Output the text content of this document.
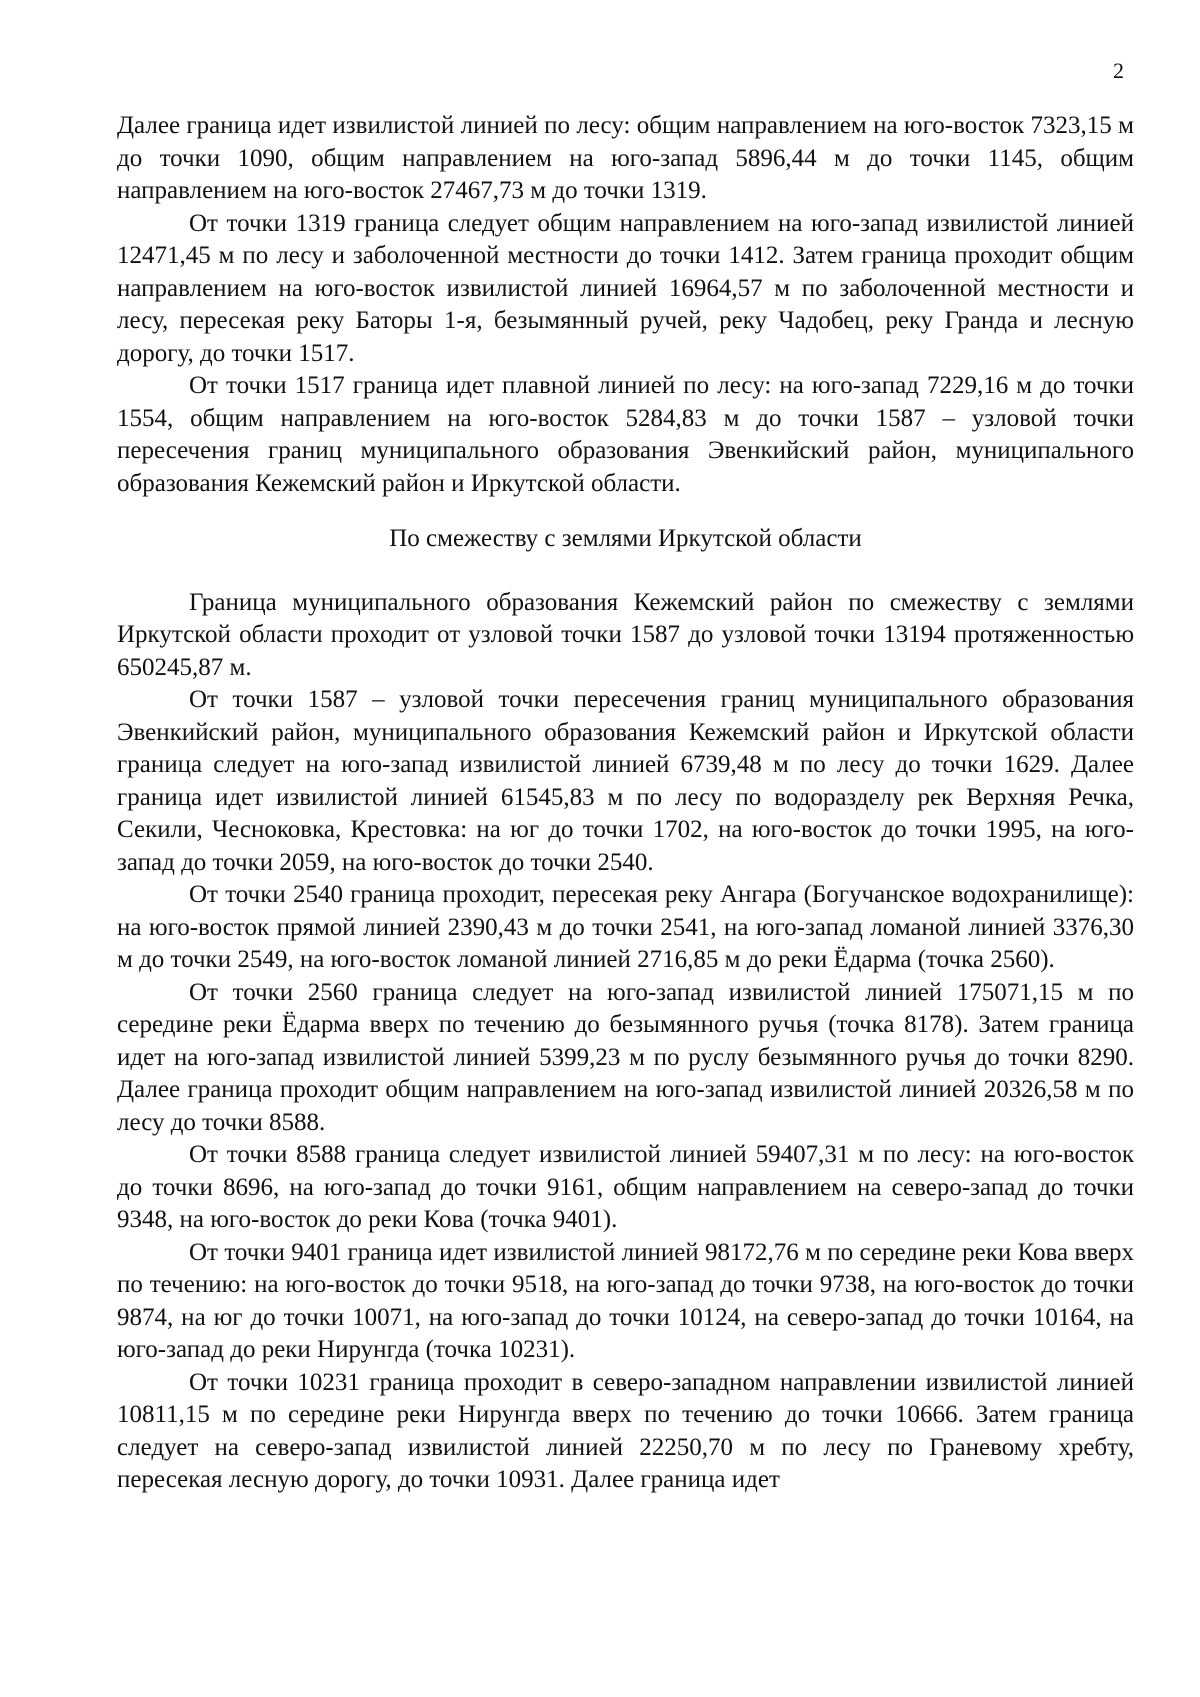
2

Далее граница идет извилистой линией по лесу: общим направлением на юго-восток 7323,15 м до точки 1090, общим направлением на юго-запад 5896,44 м до точки 1145, общим направлением на юго-восток 27467,73 м до точки 1319.

От точки 1319 граница следует общим направлением на юго-запад извилистой линией 12471,45 м по лесу и заболоченной местности до точки 1412. Затем граница проходит общим направлением на юго-восток извилистой линией 16964,57 м по заболоченной местности и лесу, пересекая реку Баторы 1-я, безымянный ручей, реку Чадобец, реку Гранда и лесную дорогу, до точки 1517.

От точки 1517 граница идет плавной линией по лесу: на юго-запад 7229,16 м до точки 1554, общим направлением на юго-восток 5284,83 м до точки 1587 – узловой точки пересечения границ муниципального образования Эвенкийский район, муниципального образования Кежемский район и Иркутской области.

По смежеству с землями Иркутской области

Граница муниципального образования Кежемский район по смежеству с землями Иркутской области проходит от узловой точки 1587 до узловой точки 13194 протяженностью 650245,87 м.

От точки 1587 – узловой точки пересечения границ муниципального образования Эвенкийский район, муниципального образования Кежемский район и Иркутской области граница следует на юго-запад извилистой линией 6739,48 м по лесу до точки 1629. Далее граница идет извилистой линией 61545,83 м по лесу по водоразделу рек Верхняя Речка, Секили, Чесноковка, Крестовка: на юг до точки 1702, на юго-восток до точки 1995, на юго-запад до точки 2059, на юго-восток до точки 2540.

От точки 2540 граница проходит, пересекая реку Ангара (Богучанское водохранилище): на юго-восток прямой линией 2390,43 м до точки 2541, на юго-запад ломаной линией 3376,30 м до точки 2549, на юго-восток ломаной линией 2716,85 м до реки Ёдарма (точка 2560).

От точки 2560 граница следует на юго-запад извилистой линией 175071,15 м по середине реки Ёдарма вверх по течению до безымянного ручья (точка 8178). Затем граница идет на юго-запад извилистой линией 5399,23 м по руслу безымянного ручья до точки 8290. Далее граница проходит общим направлением на юго-запад извилистой линией 20326,58 м по лесу до точки 8588.

От точки 8588 граница следует извилистой линией 59407,31 м по лесу: на юго-восток до точки 8696, на юго-запад до точки 9161, общим направлением на северо-запад до точки 9348, на юго-восток до реки Кова (точка 9401).

От точки 9401 граница идет извилистой линией 98172,76 м по середине реки Кова вверх по течению: на юго-восток до точки 9518, на юго-запад до точки 9738, на юго-восток до точки 9874, на юг до точки 10071, на юго-запад до точки 10124, на северо-запад до точки 10164, на юго-запад до реки Нирунгда (точка 10231).

От точки 10231 граница проходит в северо-западном направлении извилистой линией 10811,15 м по середине реки Нирунгда вверх по течению до точки 10666. Затем граница следует на северо-запад извилистой линией 22250,70 м по лесу по Граневому хребту, пересекая лесную дорогу, до точки 10931. Далее граница идет
